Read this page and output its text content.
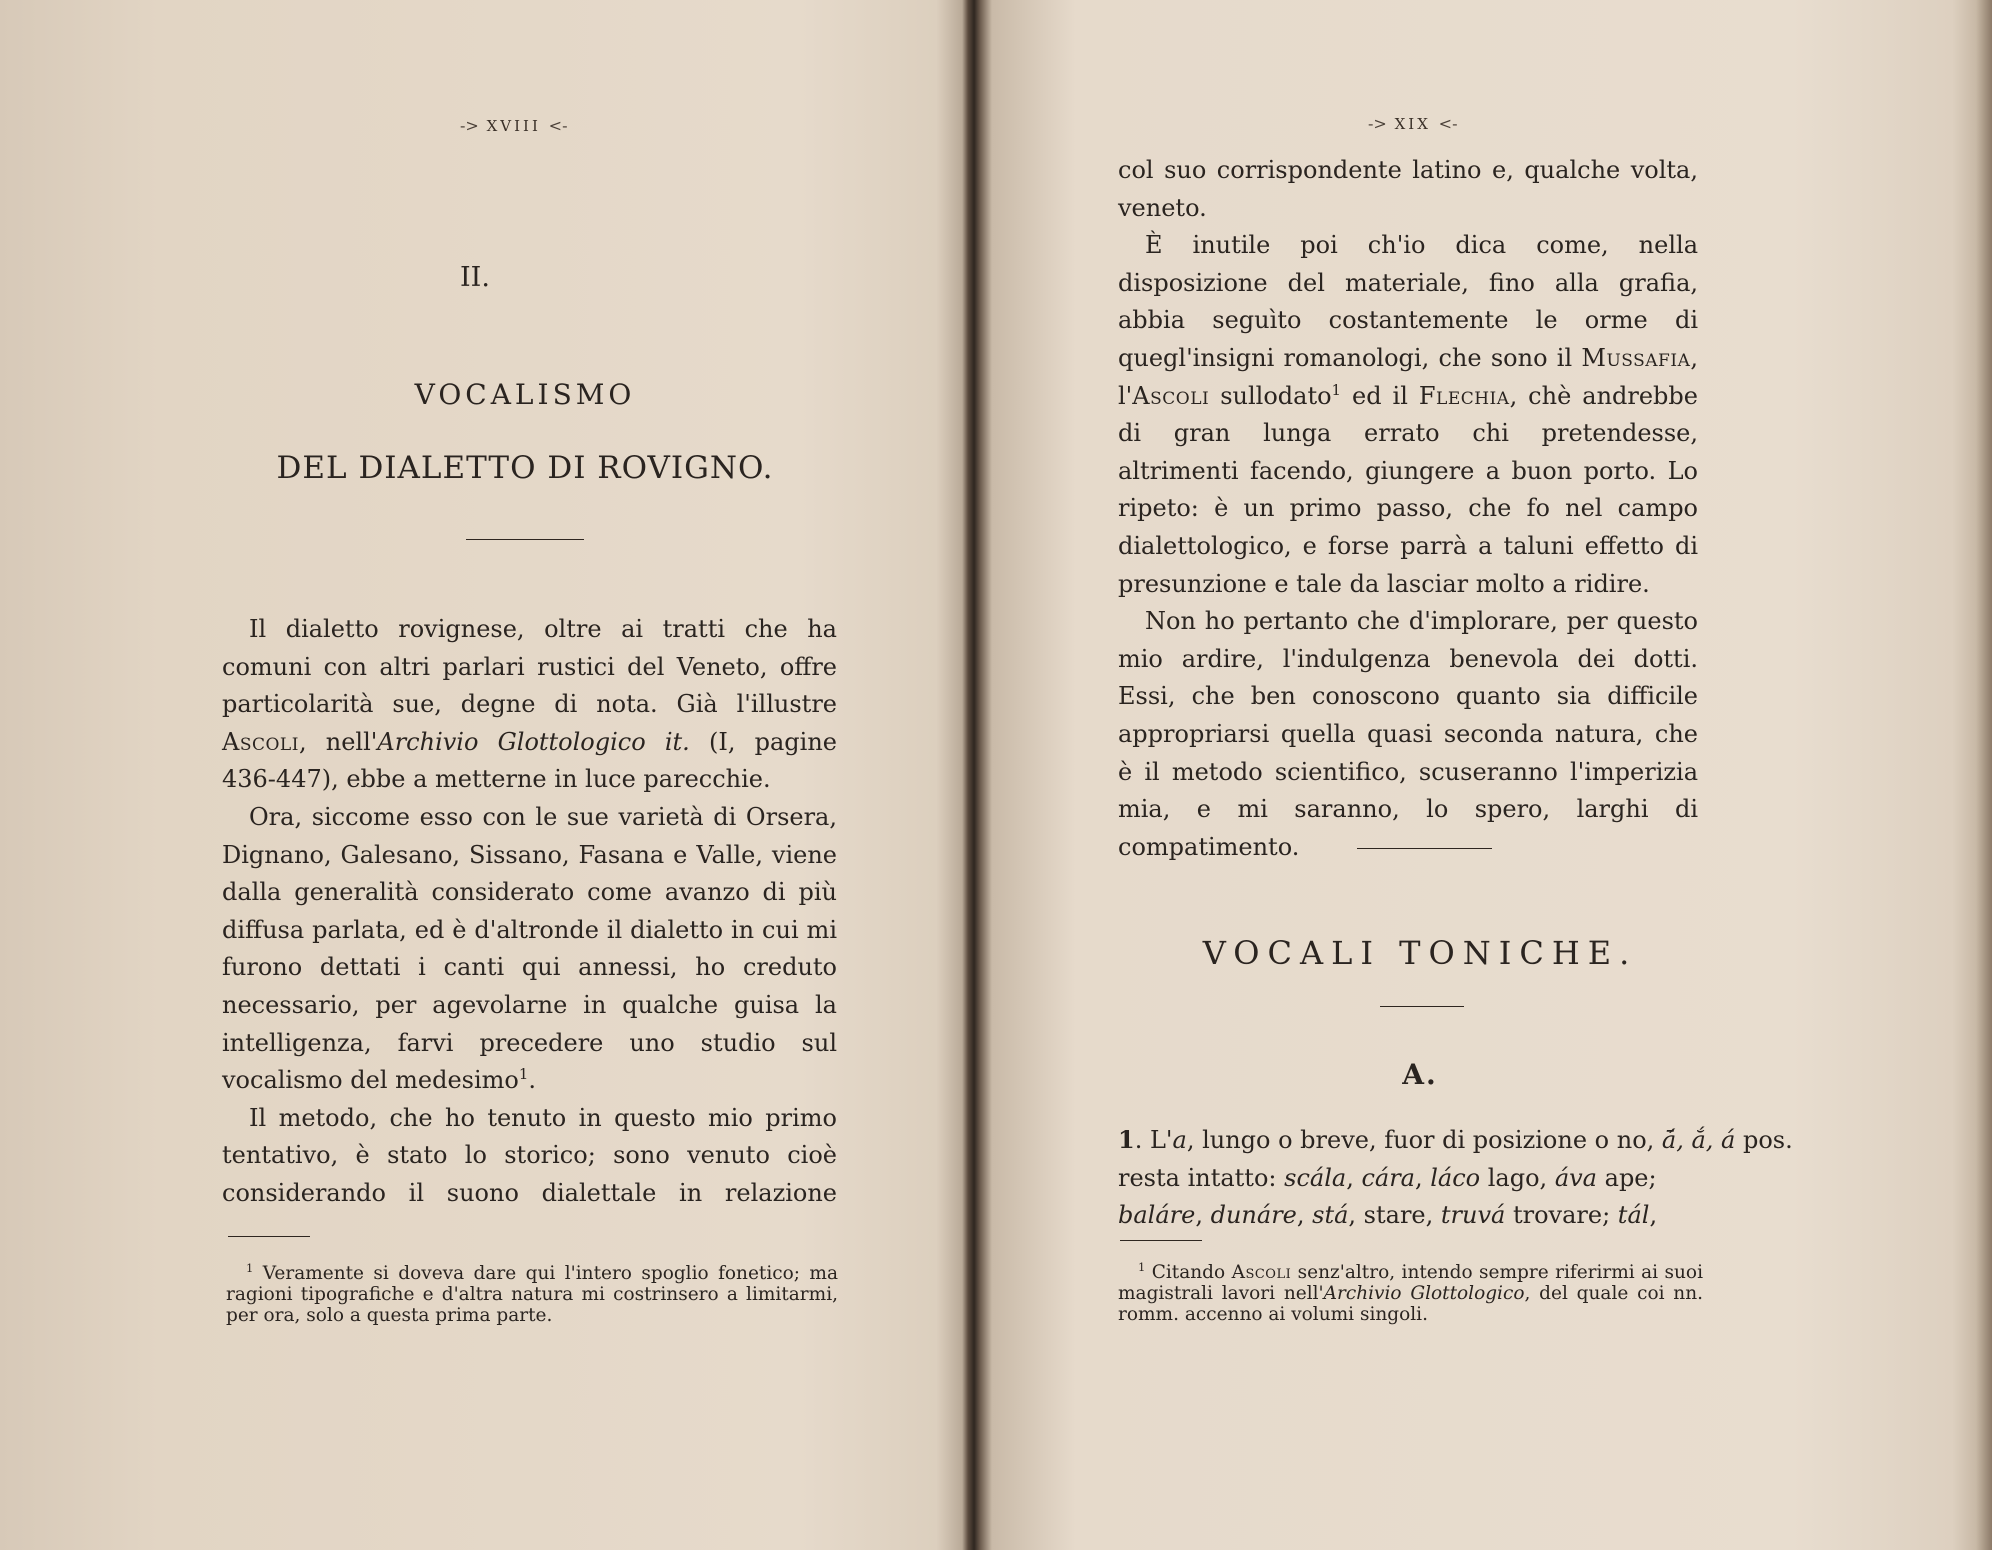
-> XVIII <-
II.
VOCALISMO
DEL DIALETTO DI ROVIGNO.

Il dialetto rovignese, oltre ai tratti che ha comuni con altri parlari rustici del Veneto, offre particolarità sue, degne di nota. Già l'illustre Ascoli, nell'Archivio Glottologico it. (I, pagine 436-447), ebbe a metterne in luce parecchie.

Ora, siccome esso con le sue varietà di Orsera, Dignano, Galesano, Sissano, Fasana e Valle, viene dalla generalità considerato come avanzo di più diffusa parlata, ed è d'altronde il dialetto in cui mi furono dettati i canti qui annessi, ho creduto necessario, per agevolarne in qualche guisa la intelligenza, farvi precedere uno studio sul vocalismo del medesimo$^1$.

Il metodo, che ho tenuto in questo mio primo tentativo, è stato lo storico; sono venuto cioè considerando il suono dialettale in relazione

$^1$ Veramente si doveva dare qui l'intero spoglio fonetico; ma ragioni tipografiche e d'altra natura mi costrinsero a limitarmi, per ora, solo a questa prima parte.

-> XIX <-

col suo corrispondente latino e, qualche volta, veneto.

È inutile poi ch'io dica come, nella disposizione del materiale, fino alla grafia, abbia seguìto costantemente le orme di quegl'insigni romanologi, che sono il Mussafia, l'Ascoli sullodato$^1$ ed il Flechia, chè andrebbe di gran lunga errato chi pretendesse, altrimenti facendo, giungere a buon porto. Lo ripeto: è un primo passo, che fo nel campo dialettologico, e forse parrà a taluni effetto di presunzione e tale da lasciar molto a ridire.

Non ho pertanto che d'implorare, per questo mio ardire, l'indulgenza benevola dei dotti. Essi, che ben conoscono quanto sia difficile appropriarsi quella quasi seconda natura, che è il metodo scientifico, scuseranno l'imperizia mia, e mi saranno, lo spero, larghi di compatimento.

VOCALI TONICHE.
A.
1. L'a, lungo o breve, fuor di posizione o no, ā́, ắ, á pos.
resta intatto: scála, cára, láco lago, áva ape;
baláre, dunáre, stá, stare, truvá trovare; tál,

$^1$ Citando Ascoli senz'altro, intendo sempre riferirmi ai suoi magistrali lavori nell'Archivio Glottologico, del quale coi nn. romm. accenno ai volumi singoli.
